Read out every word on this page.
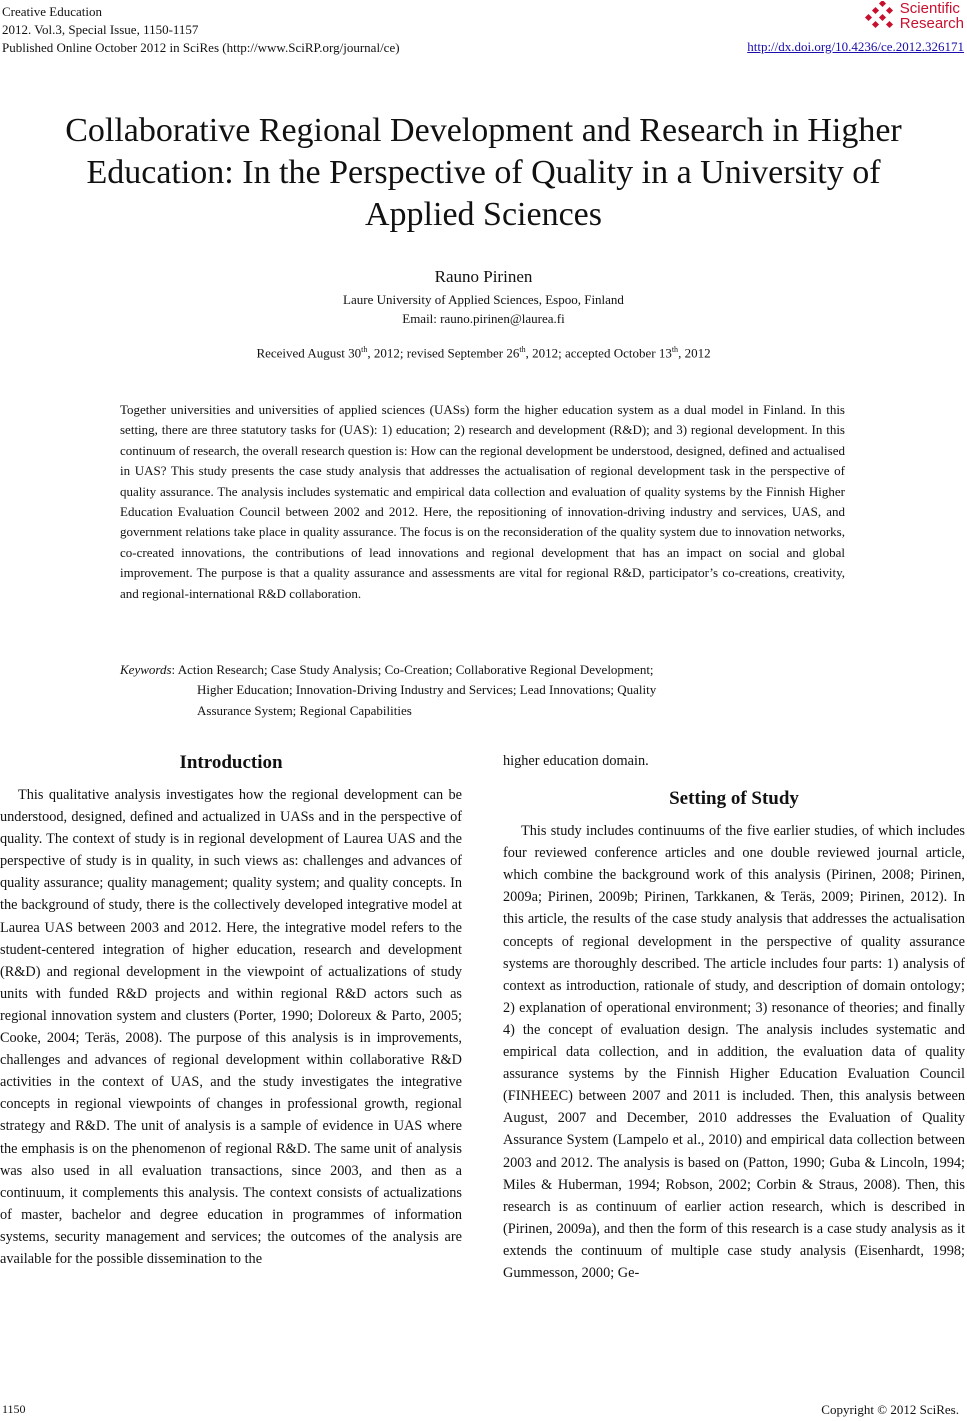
Creative Education
2012. Vol.3, Special Issue, 1150-1157
Published Online October 2012 in SciRes (http://www.SciRP.org/journal/ce)
Scientific
Research
http://dx.doi.org/10.4236/ce.2012.326171
Collaborative Regional Development and Research in Higher
Education: In the Perspective of Quality in a University of
Applied Sciences
Rauno Pirinen
Laure University of Applied Sciences, Espoo, Finland
Email: rauno.pirinen@laurea.fi
Received August 30th, 2012; revised September 26th, 2012; accepted October 13th, 2012
Together universities and universities of applied sciences (UASs) form the higher education system as a dual model in Finland. In this setting, there are three statutory tasks for (UAS): 1) education; 2) research and development (R&D); and 3) regional development. In this continuum of research, the overall research question is: How can the regional development be understood, designed, defined and actualised in UAS? This study presents the case study analysis that addresses the actualisation of regional development task in the perspective of quality assurance. The analysis includes systematic and empirical data collection and evaluation of quality systems by the Finnish Higher Education Evaluation Council between 2002 and 2012. Here, the repositioning of innovation-driving industry and services, UAS, and government relations take place in quality assurance. The focus is on the reconsideration of the quality system due to innovation networks, co-created innovations, the contributions of lead innovations and regional development that has an impact on social and global improvement. The purpose is that a quality assurance and assessments are vital for regional R&D, participator’s co-creations, creativity, and regional-international R&D collaboration.
Keywords: Action Research; Case Study Analysis; Co-Creation; Collaborative Regional Development;
Higher Education; Innovation-Driving Industry and Services; Lead Innovations; Quality
Assurance System; Regional Capabilities
Introduction

This qualitative analysis investigates how the regional development can be understood, designed, defined and actualized in UASs and in the perspective of quality. The context of study is in regional development of Laurea UAS and the perspective of study is in quality, in such views as: challenges and advances of quality assurance; quality management; quality system; and quality concepts. In the background of study, there is the collectively developed integrative model at Laurea UAS between 2003 and 2012. Here, the integrative model refers to the student-centered integration of higher education, research and development (R&D) and regional development in the viewpoint of actualizations of study units with funded R&D projects and within regional R&D actors such as regional innovation system and clusters (Porter, 1990; Doloreux & Parto, 2005; Cooke, 2004; Teräs, 2008). The purpose of this analysis is in improvements, challenges and advances of regional development within collaborative R&D activities in the context of UAS, and the study investigates the integrative concepts in regional viewpoints of changes in professional growth, regional strategy and R&D. The unit of analysis is a sample of evidence in UAS where the emphasis is on the phenomenon of regional R&D. The same unit of analysis was also used in all evaluation transactions, since 2003, and then as a continuum, it complements this analysis. The context consists of actualizations of master, bachelor and degree education in programmes of information systems, security management and services; the outcomes of the analysis are available for the possible dissemination to the

higher education domain.

Setting of Study

This study includes continuums of the five earlier studies, of which includes four reviewed conference articles and one double reviewed journal article, which combine the background work of this analysis (Pirinen, 2008; Pirinen, 2009a; Pirinen, 2009b; Pirinen, Tarkkanen, & Teräs, 2009; Pirinen, 2012). In this article, the results of the case study analysis that addresses the actualisation concepts of regional development in the perspective of quality assurance systems are thoroughly described. The article includes four parts: 1) analysis of context as introduction, rationale of study, and description of domain ontology; 2) explanation of operational environment; 3) resonance of theories; and finally 4) the concept of evaluation design. The analysis includes systematic and empirical data collection, and in addition, the evaluation data of quality assurance systems by the Finnish Higher Education Evaluation Council (FINHEEC) between 2007 and 2011 is included. Then, this analysis between August, 2007 and December, 2010 addresses the Evaluation of Quality Assurance System (Lampelo et al., 2010) and empirical data collection between 2003 and 2012. The analysis is based on (Patton, 1990; Guba & Lincoln, 1994; Miles & Huberman, 1994; Robson, 2002; Corbin & Straus, 2008). Then, this research is as continuum of earlier action research, which is described in (Pirinen, 2009a), and then the form of this research is a case study analysis as it extends the continuum of multiple case study analysis (Eisenhardt, 1998; Gummesson, 2000; Ge-

1150	Copyright © 2012 SciRes.
